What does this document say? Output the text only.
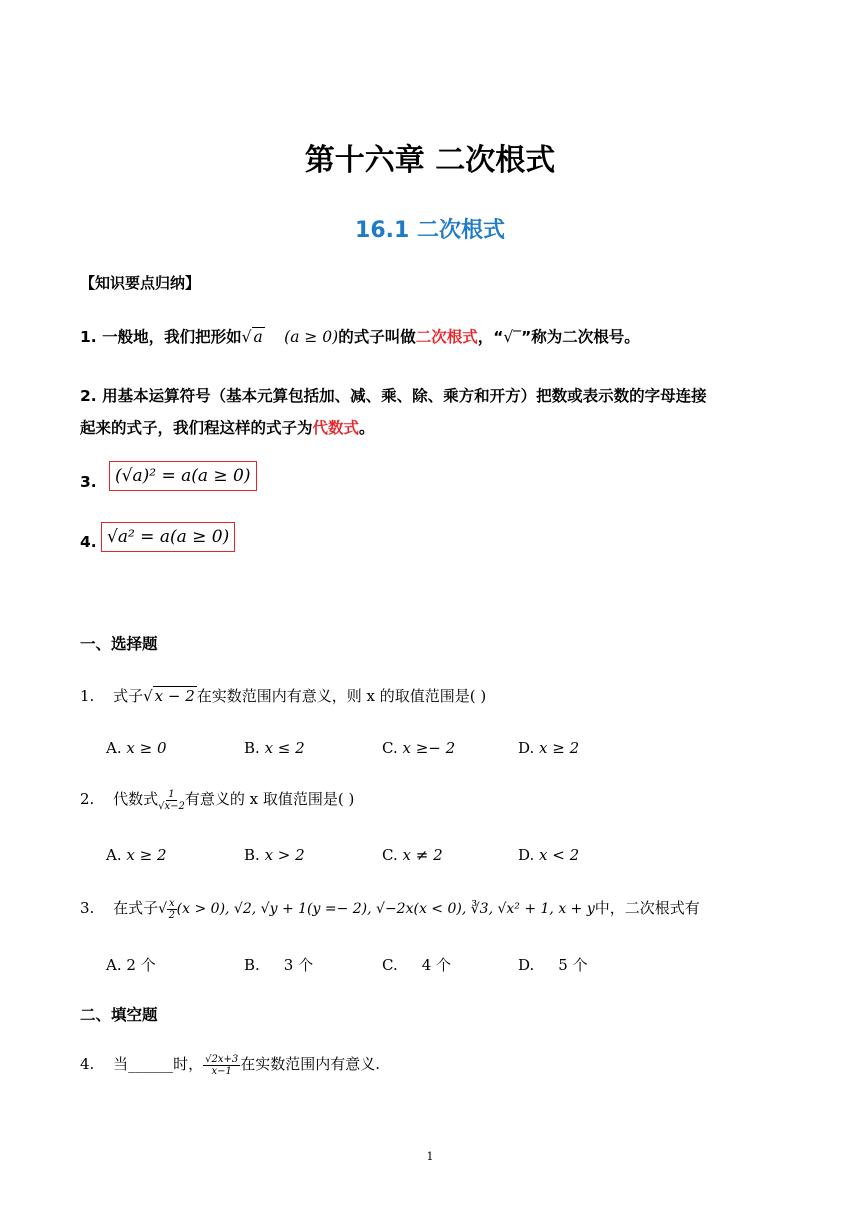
第十六章 二次根式
16.1 二次根式
【知识要点归纳】
1. 一般地，我们把形如√ a (a ≥ 0)的式子叫做二次根式，“√‾”称为二次根号。
2. 用基本运算符号（基本元算包括加、减、乘、除、乘方和开方）把数或表示数的字母连接
起来的式子，我们程这样的式子为代数式。
3.	(√a)² = a(a ≥ 0)
4. √a² = a(a ≥ 0)
一、选择题
1. 式子√ x − 2 在实数范围内有意义，则 x 的取值范围是( )
A. x ≥ 0	B. x ≤ 2	C. x ≥− 2	D. x ≥ 2
2. 代数式 $\frac{1}{√x-2}$ 有意义的 x 取值范围是( )
A. x ≥ 2	B. x > 2	C. x ≠ 2	D. x < 2
3. 在式子√ $\frac{x}{2} (x > 0)$, √2, √y + 1(y =− 2), √−2x(x < 0), ∛3, √x² + 1, x + y中，二次根式有
A. 2 个	B. 3 个	C. 4 个	D. 5 个
二、填空题
4. 当______时， $\frac{√2x+3}{x-1}$ 在实数范围内有意义.
1
